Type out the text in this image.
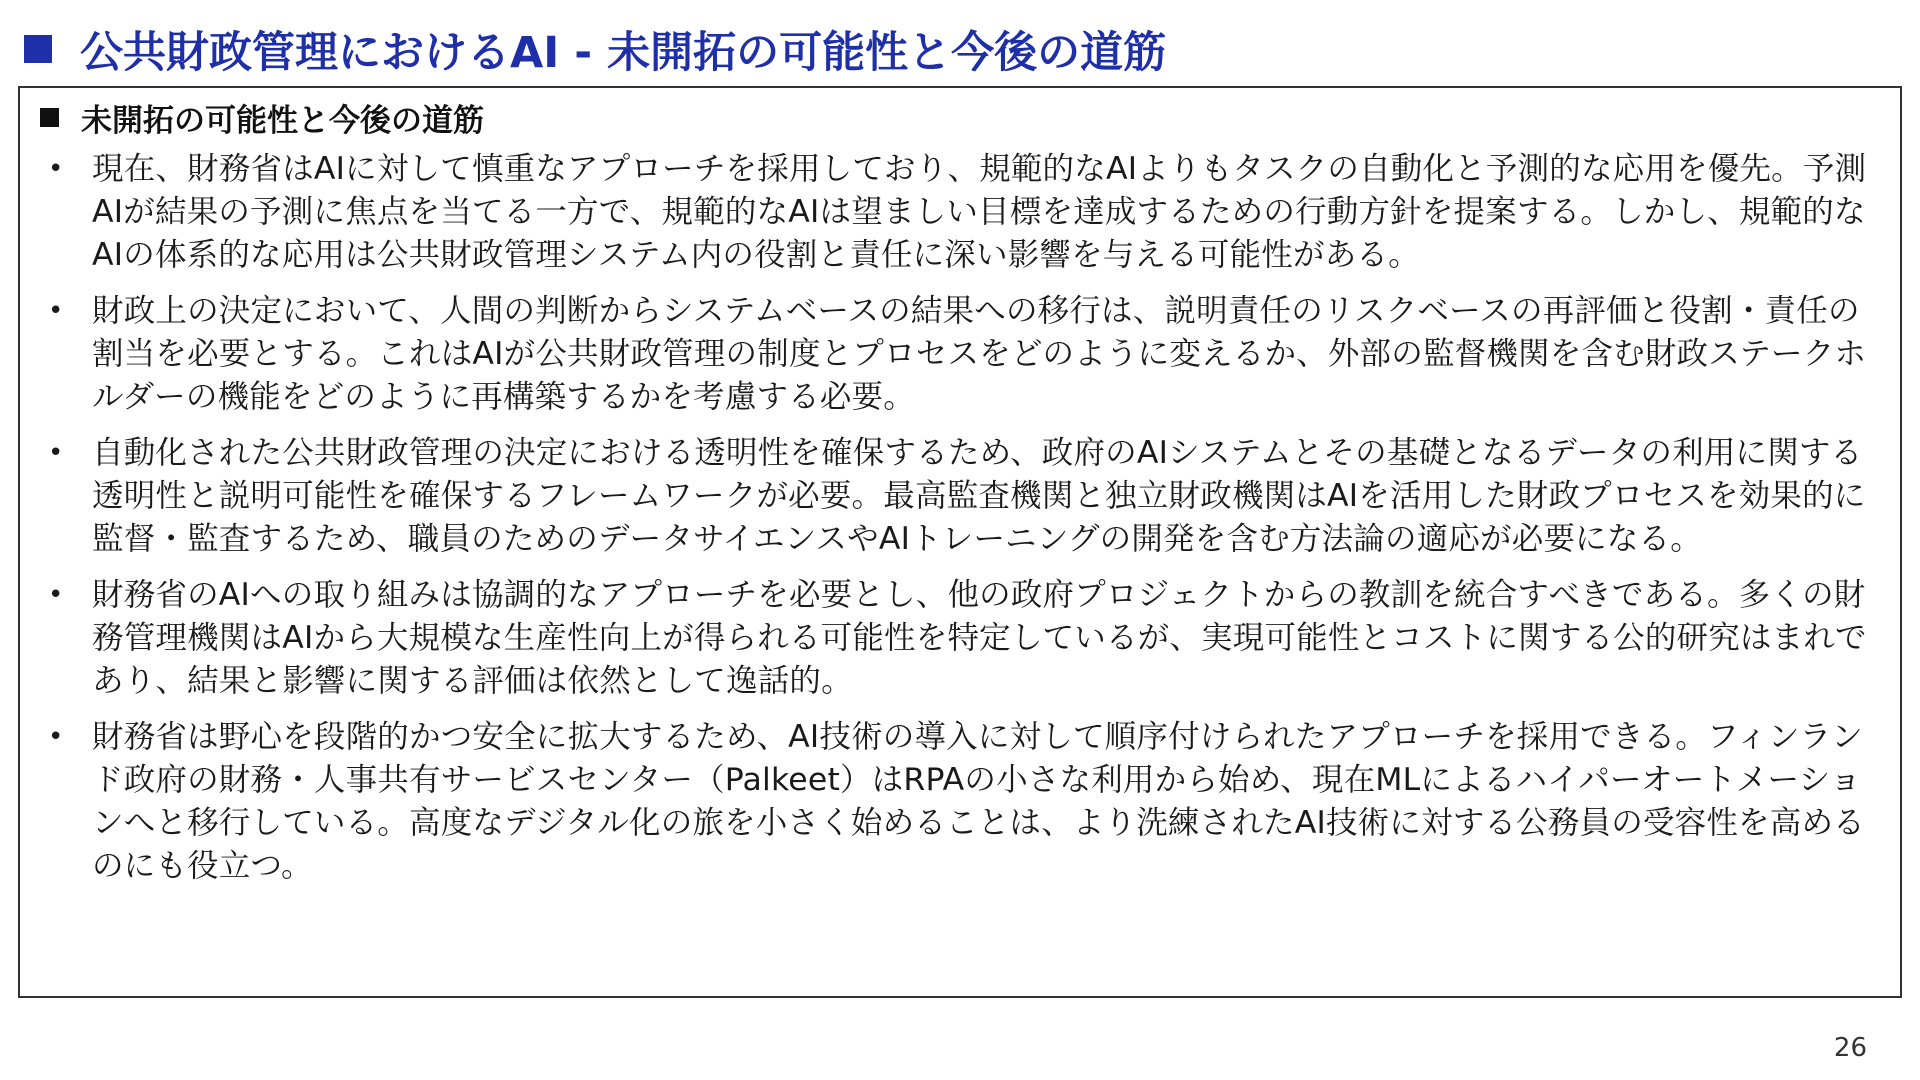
公共財政管理におけるAI - 未開拓の可能性と今後の道筋
未開拓の可能性と今後の道筋
• 現在、財務省はAIに対して慎重なアプローチを採用しており、規範的なAIよりもタスクの自動化と予測的な応用を優先。予測AIが結果の予測に焦点を当てる一方で、規範的なAIは望ましい目標を達成するための行動方針を提案する。しかし、規範的なAIの体系的な応用は公共財政管理システム内の役割と責任に深い影響を与える可能性がある。
• 財政上の決定において、人間の判断からシステムベースの結果への移行は、説明責任のリスクベースの再評価と役割・責任の割当を必要とする。これはAIが公共財政管理の制度とプロセスをどのように変えるか、外部の監督機関を含む財政ステークホルダーの機能をどのように再構築するかを考慮する必要。
• 自動化された公共財政管理の決定における透明性を確保するため、政府のAIシステムとその基礎となるデータの利用に関する透明性と説明可能性を確保するフレームワークが必要。最高監査機関と独立財政機関はAIを活用した財政プロセスを効果的に監督・監査するため、職員のためのデータサイエンスやAIトレーニングの開発を含む方法論の適応が必要になる。
• 財務省のAIへの取り組みは協調的なアプローチを必要とし、他の政府プロジェクトからの教訓を統合すべきである。多くの財務管理機関はAIから大規模な生産性向上が得られる可能性を特定しているが、実現可能性とコストに関する公的研究はまれであり、結果と影響に関する評価は依然として逸話的。
• 財務省は野心を段階的かつ安全に拡大するため、AI技術の導入に対して順序付けられたアプローチを採用できる。フィンランド政府の財務・人事共有サービスセンター（Palkeet）はRPAの小さな利用から始め、現在MLによるハイパーオートメーションへと移行している。高度なデジタル化の旅を小さく始めることは、より洗練されたAI技術に対する公務員の受容性を高めるのにも役立つ。
26
